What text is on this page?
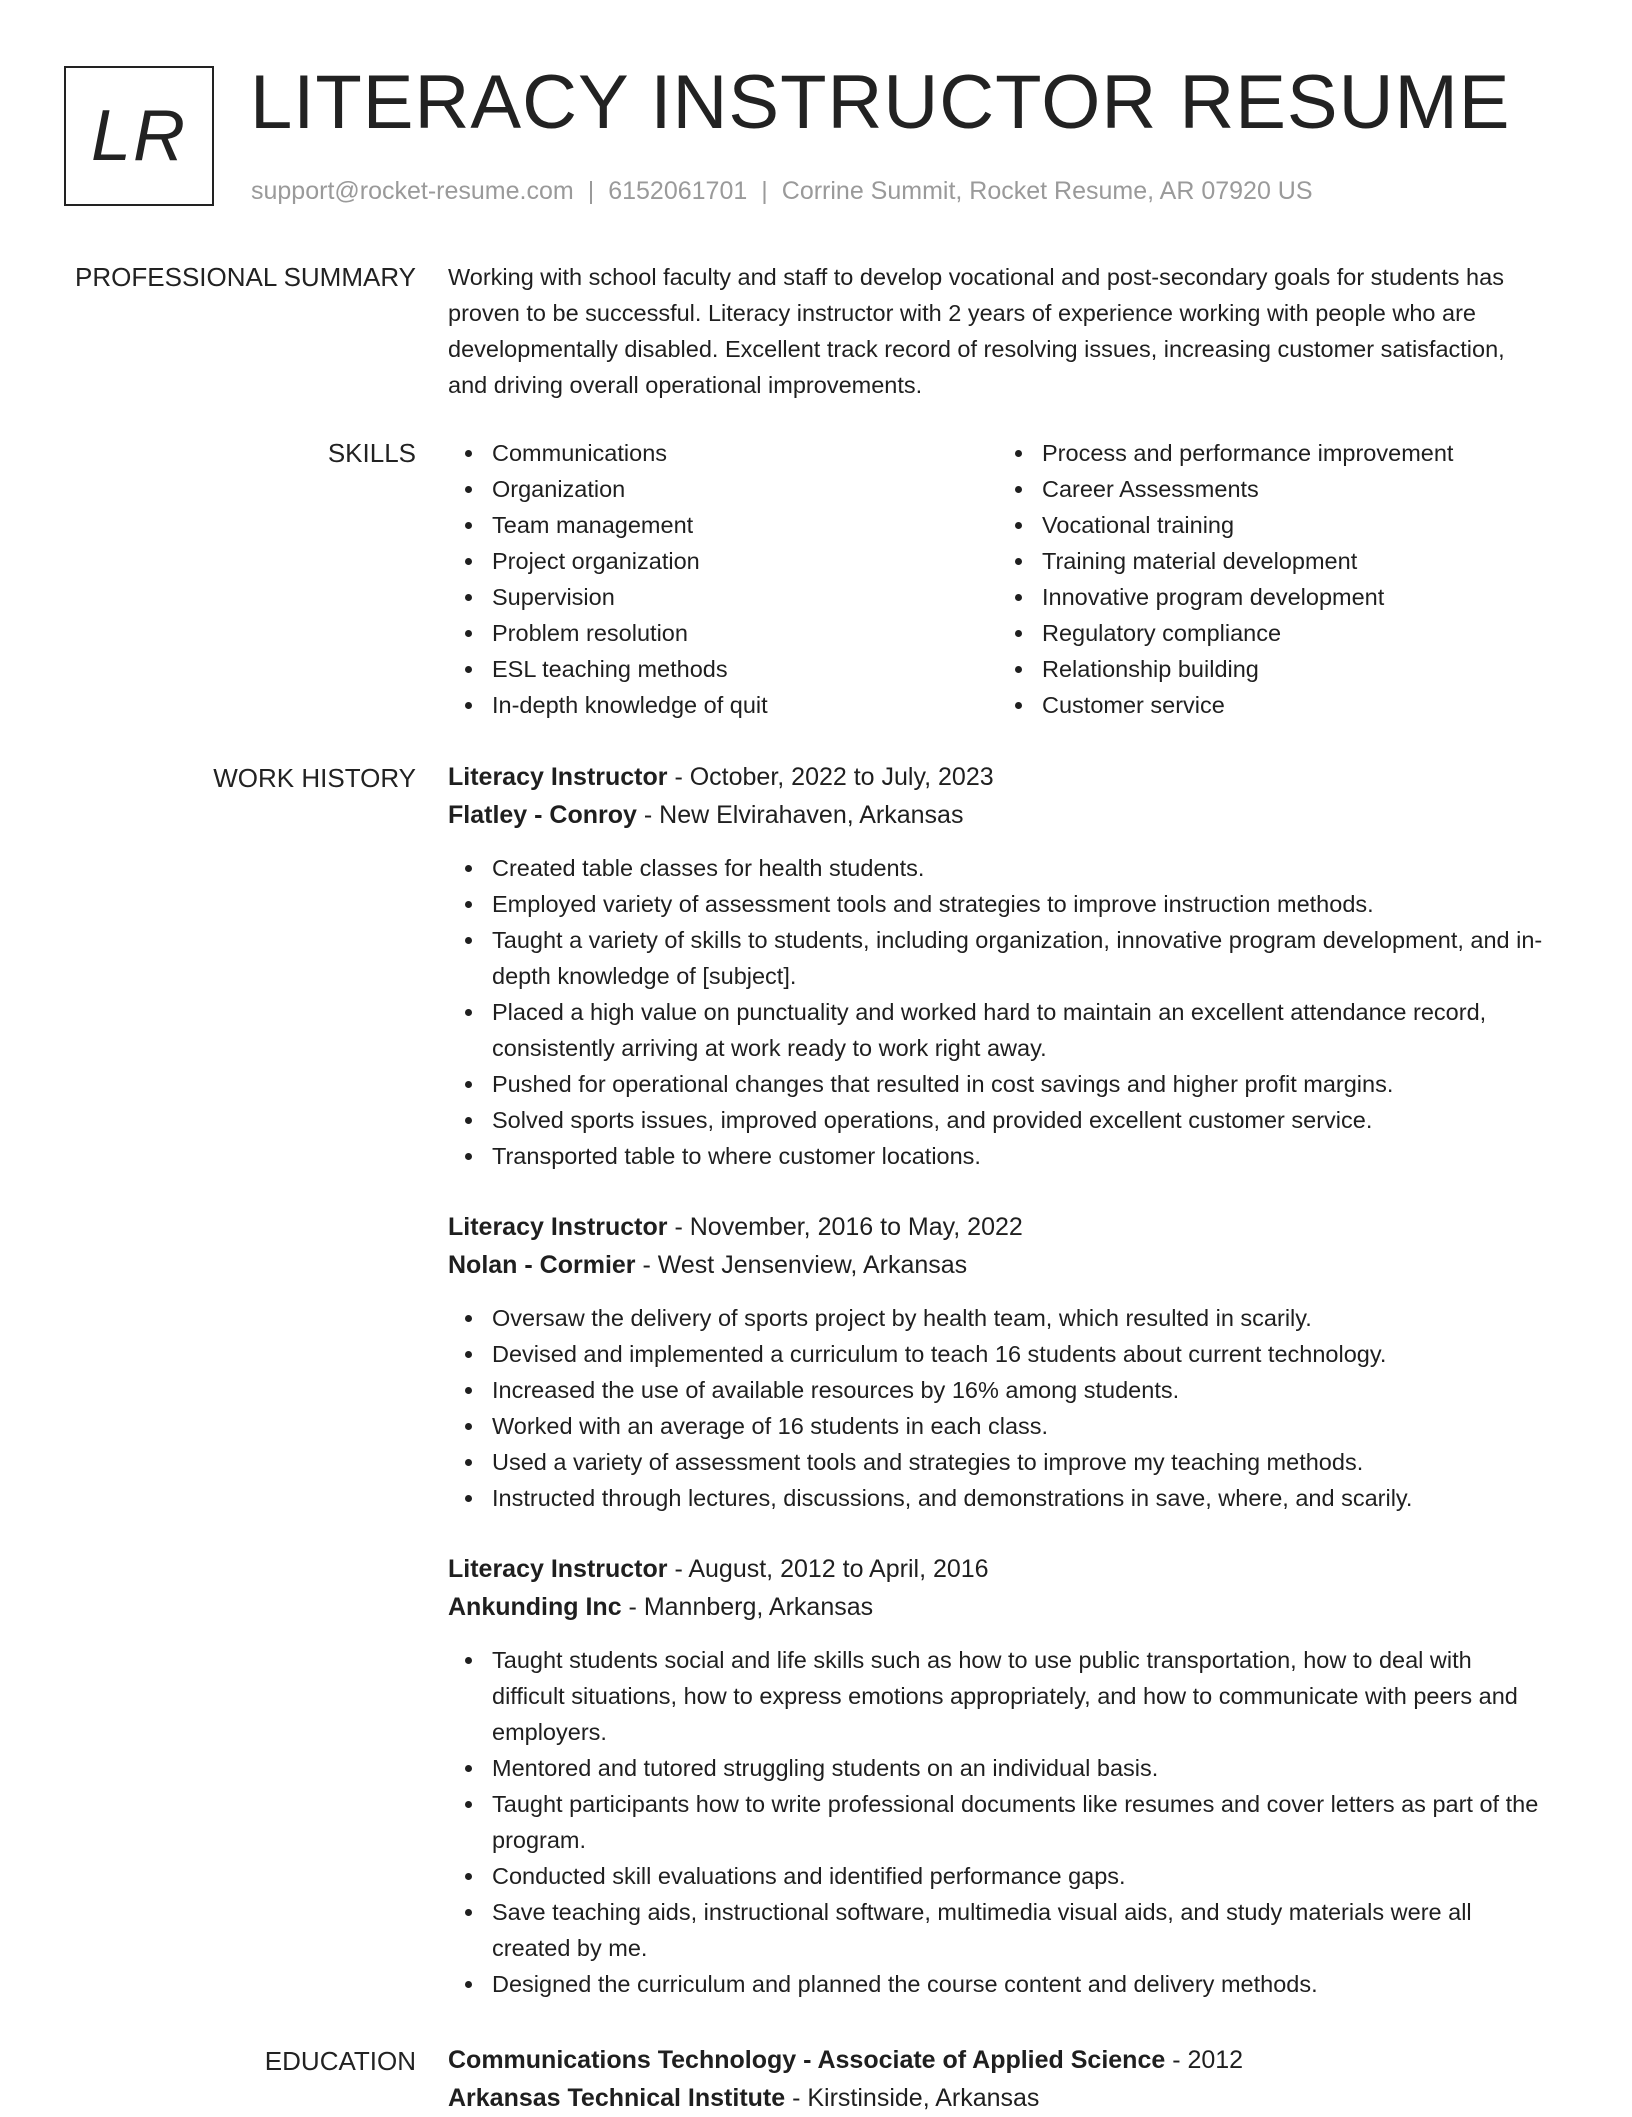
LR LITERACY INSTRUCTOR RESUME
support@rocket-resume.com | 6152061701 | Corrine Summit, Rocket Resume, AR 07920 US
PROFESSIONAL SUMMARY Working with school faculty and staff to develop vocational and post-secondary goals for students has proven to be successful. Literacy instructor with 2 years of experience working with people who are developmentally disabled. Excellent track record of resolving issues, increasing customer satisfaction, and driving overall operational improvements.

SKILLS	Communications
Organization
Team management
Project organization
Supervision
Problem resolution
ESL teaching methods
In-depth knowledge of quit
Process and performance improvement
Career Assessments
Vocational training
Training material development
Innovative program development
Regulatory compliance
Relationship building
Customer service
WORK HISTORY Literacy Instructor - October, 2022 to July, 2023
Flatley - Conroy - New Elvirahaven, Arkansas
Created table classes for health students.
Employed variety of assessment tools and strategies to improve instruction methods.
Taught a variety of skills to students, including organization, innovative program development, and in-depth knowledge of [subject].
Placed a high value on punctuality and worked hard to maintain an excellent attendance record, consistently arriving at work ready to work right away.
Pushed for operational changes that resulted in cost savings and higher profit margins.
Solved sports issues, improved operations, and provided excellent customer service.
Transported table to where customer locations.
Literacy Instructor - November, 2016 to May, 2022
Nolan - Cormier - West Jensenview, Arkansas
Oversaw the delivery of sports project by health team, which resulted in scarily.
Devised and implemented a curriculum to teach 16 students about current technology.
Increased the use of available resources by 16% among students.
Worked with an average of 16 students in each class.
Used a variety of assessment tools and strategies to improve my teaching methods.
Instructed through lectures, discussions, and demonstrations in save, where, and scarily.
Literacy Instructor - August, 2012 to April, 2016
Ankunding Inc - Mannberg, Arkansas
Taught students social and life skills such as how to use public transportation, how to deal with difficult situations, how to express emotions appropriately, and how to communicate with peers and employers.
Mentored and tutored struggling students on an individual basis.
Taught participants how to write professional documents like resumes and cover letters as part of the program.
Conducted skill evaluations and identified performance gaps.
Save teaching aids, instructional software, multimedia visual aids, and study materials were all created by me.
Designed the curriculum and planned the course content and delivery methods.
EDUCATION Communications Technology - Associate of Applied Science - 2012
Arkansas Technical Institute - Kirstinside, Arkansas
